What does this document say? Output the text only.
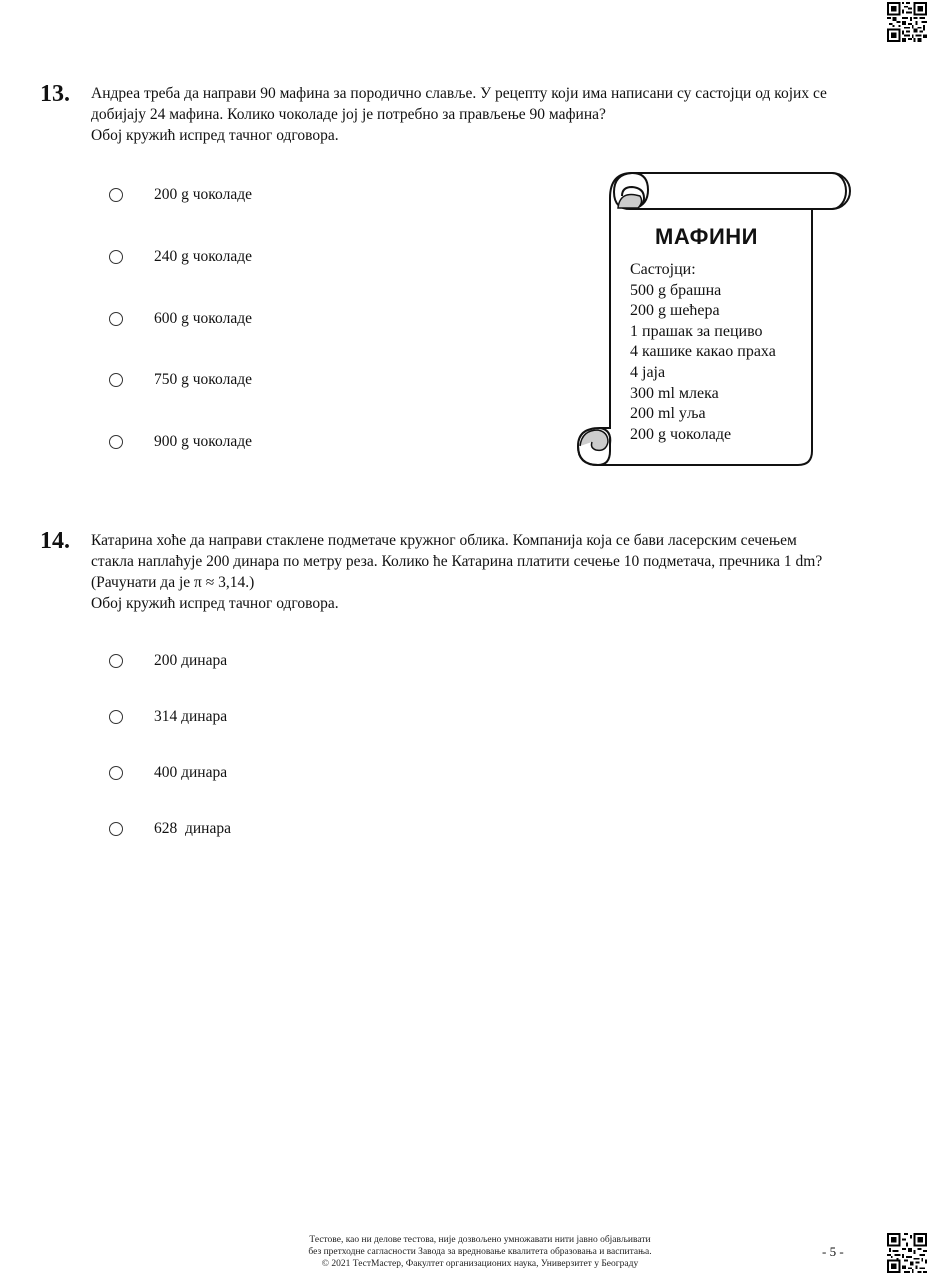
13. Андреа треба да направи 90 мафина за породично славље. У рецепту који има написани су састојци од којих се

добијају 24 мафина. Колико чоколаде јој је потребно за прављење 90 мафина?

Обој кружић испред тачног одговора.

200 g чоколаде
240 g чоколаде
600 g чоколаде
750 g чоколаде
900 g чоколаде
МАФИНИ
Састојци:
500 g брашна
200 g шећера
1 прашак за пециво
4 кашике какао праха
4 јаја
300 ml млека
200 ml уља
200 g чоколаде
14. Катарина хоће да направи стаклене подметаче кружног облика. Компанија која се бави ласерским сечењем

стакла наплаћује 200 динара по метру реза. Колико ће Катарина платити сечење 10 подметача, пречника 1 dm?

(Рачунати да је π ≈ 3,14.)

Обој кружић испред тачног одговора.

200 динара
314 динара
400 динара
628  динара

Тестове, као ни делове тестова, није дозвољено умножавати нити јавно објављивати

без претходне сагласности Завода за вредновање квалитета образовања и васпитања.

© 2021 ТестМастер, Факултет организационих наука, Универзитет у Београду

- 5 -
